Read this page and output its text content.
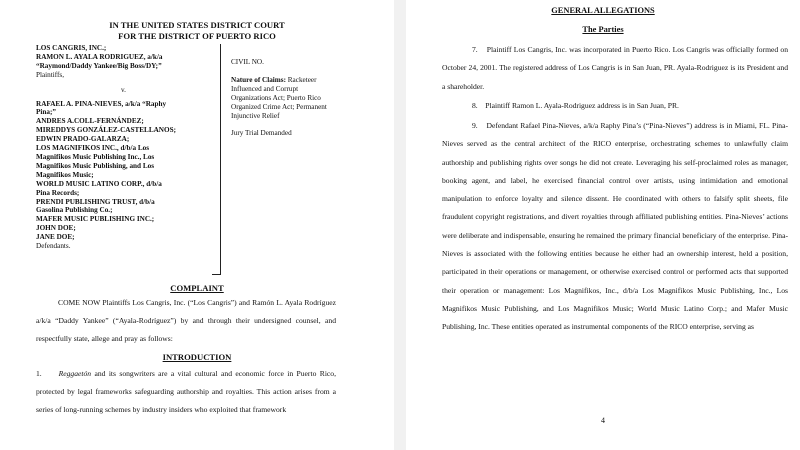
IN THE UNITED STATES DISTRICT COURT
FOR THE DISTRICT OF PUERTO RICO
LOS CANGRIS, INC.;
RAMON L. AYALA RODRIGUEZ, a/k/a
“Raymond/Daddy Yankee/Big Boss/DY;”
Plaintiffs,
v.
RAFAEL A. PINA-NIEVES, a/k/a “Raphy
Pina;”
ANDRES A.COLL-FERNÁNDEZ;
MIREDDYS GONZÁLEZ-CASTELLANOS;
EDWIN PRADO-GALARZA;
LOS MAGNIFIKOS INC., d/b/a Los
Magnifikos Music Publishing Inc., Los
Magnifikos Music Publishing, and Los
Magnifikos Music;
WORLD MUSIC LATINO CORP., d/b/a
Pina Records;
PRENDI PUBLISHING TRUST, d/b/a
Gasolina Publishing Co.;
MAFER MUSIC PUBLISHING INC.;
JOHN DOE;
JANE DOE;
Defendants.
CIVIL NO.
Nature of Claims: Racketeer Influenced and Corrupt Organizations Act; Puerto Rico Organized Crime Act; Permanent Injunctive Relief
Jury Trial Demanded
COMPLAINT
COME NOW Plaintiffs Los Cangris, Inc. (“Los Cangris”) and Ramón L. Ayala Rodríguez a/k/a “Daddy Yankee” (“Ayala-Rodríguez”) by and through their undersigned counsel, and respectfully state, allege and pray as follows:
INTRODUCTION
1. Reggaetón and its songwriters are a vital cultural and economic force in Puerto Rico, protected by legal frameworks safeguarding authorship and royalties. This action arises from a series of long-running schemes by industry insiders who exploited that framework
GENERAL ALLEGATIONS
The Parties
7. Plaintiff Los Cangris, Inc. was incorporated in Puerto Rico. Los Cangris was officially formed on October 24, 2001. The registered address of Los Cangris is in San Juan, PR. Ayala-Rodriguez is its President and a shareholder.
8. Plaintiff Ramon L. Ayala-Rodriguez address is in San Juan, PR.
9. Defendant Rafael Pina-Nieves, a/k/a Raphy Pina’s (“Pina-Nieves”) address is in Miami, FL. Pina-Nieves served as the central architect of the RICO enterprise, orchestrating schemes to unlawfully claim authorship and publishing rights over songs he did not create. Leveraging his self-proclaimed roles as manager, booking agent, and label, he exercised financial control over artists, using intimidation and emotional manipulation to enforce loyalty and silence dissent. He coordinated with others to falsify split sheets, file fraudulent copyright registrations, and divert royalties through affiliated publishing entities. Pina-Nieves’ actions were deliberate and indispensable, ensuring he remained the primary financial beneficiary of the enterprise. Pina-Nieves is associated with the following entities because he either had an ownership interest, held a position, participated in their operations or management, or otherwise exercised control or performed acts that supported their operation or management: Los Magnifikos, Inc., d/b/a Los Magnifikos Music Publishing, Inc., Los Magnifikos Music Publishing, and Los Magnifikos Music; World Music Latino Corp.; and Mafer Music Publishing, Inc. These entities operated as instrumental components of the RICO enterprise, serving as
4
